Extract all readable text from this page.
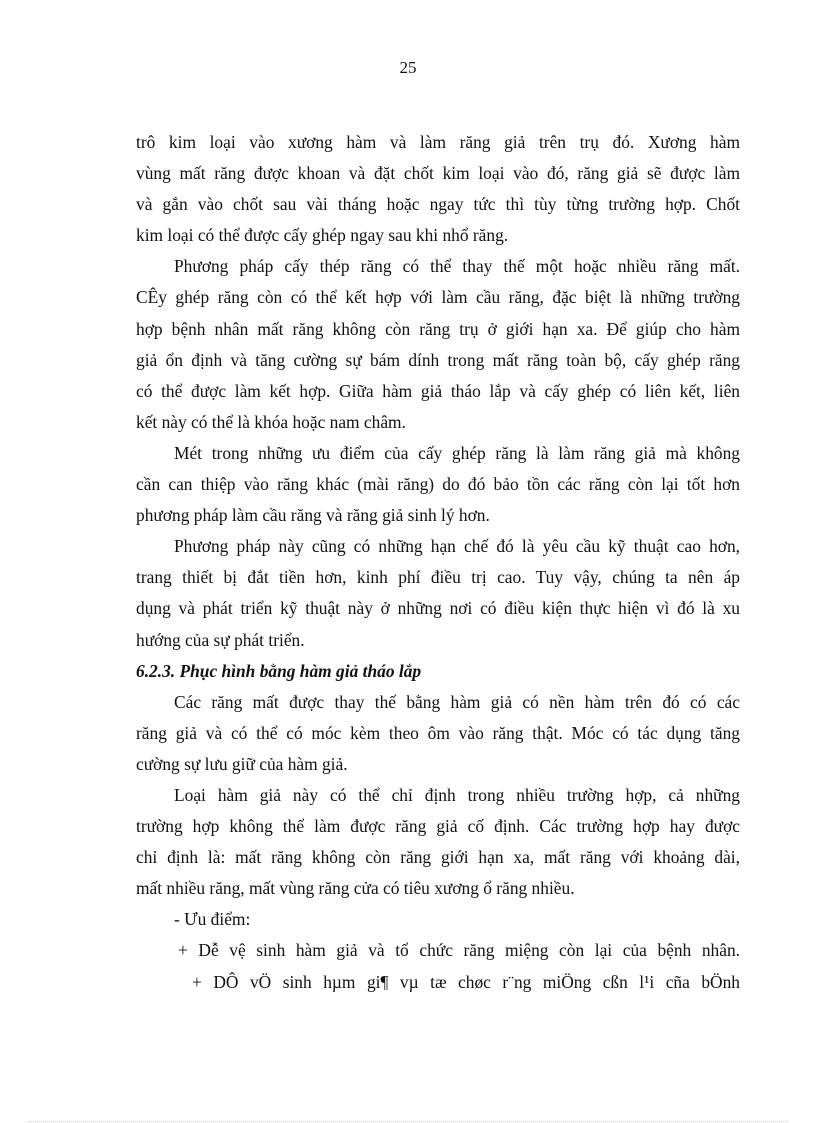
25
trô kim loại vào xương hàm và làm răng giả trên trụ đó. Xương hàm
vùng mất răng được khoan và đặt chốt kim loại vào đó, răng giả sẽ được làm
và gắn vào chốt sau vài tháng hoặc ngay tức thì tùy từng trường hợp. Chốt
kim loại có thể được cấy ghép ngay sau khi nhổ răng.
Phương pháp cấy thép răng có thể thay thế một hoặc nhiều răng mất.
CÊy ghép răng còn có thể kết hợp với làm cầu răng, đặc biệt là những trường
hợp bệnh nhân mất răng không còn răng trụ ở giới hạn xa. Để giúp cho hàm
giả ổn định và tăng cường sự bám dính trong mất răng toàn bộ, cấy ghép răng
có thể được làm kết hợp. Giữa hàm giả tháo lắp và cấy ghép có liên kết, liên
kết này có thể là khóa hoặc nam châm.
Mét trong những ưu điểm của cấy ghép răng là làm răng giả mà không
cần can thiệp vào răng khác (mài răng) do đó bảo tồn các răng còn lại tốt hơn
phương pháp làm cầu răng và răng giả sinh lý hơn.
Phương pháp này cũng có những hạn chế đó là yêu cầu kỹ thuật cao hơn,
trang thiết bị đắt tiền hơn, kinh phí điều trị cao. Tuy vậy, chúng ta nên áp
dụng và phát triển kỹ thuật này ở những nơi có điều kiện thực hiện vì đó là xu
hướng của sự phát triển.
6.2.3. Phục hình bằng hàm giả tháo lắp
Các răng mất được thay thế bằng hàm giả có nền hàm trên đó có các
răng giả và có thể có móc kèm theo ôm vào răng thật. Móc có tác dụng tăng
cường sự lưu giữ của hàm giả.
Loại hàm giả này có thể chỉ định trong nhiều trường hợp, cả những
trường hợp không thể làm được răng giả cố định. Các trường hợp hay được
chỉ định là: mất răng không còn răng giới hạn xa, mất răng với khoảng dài,
mất nhiều răng, mất vùng răng cửa có tiêu xương ổ răng nhiều.
- Ưu điểm:
+ Dễ vệ sinh hàm giả và tổ chức răng miệng còn lại của bệnh nhân.
+ DÔ vÖ sinh hµm gi¶ vµ tæ chøc r¨ng miÖng cßn l¹i cña bÖnh
